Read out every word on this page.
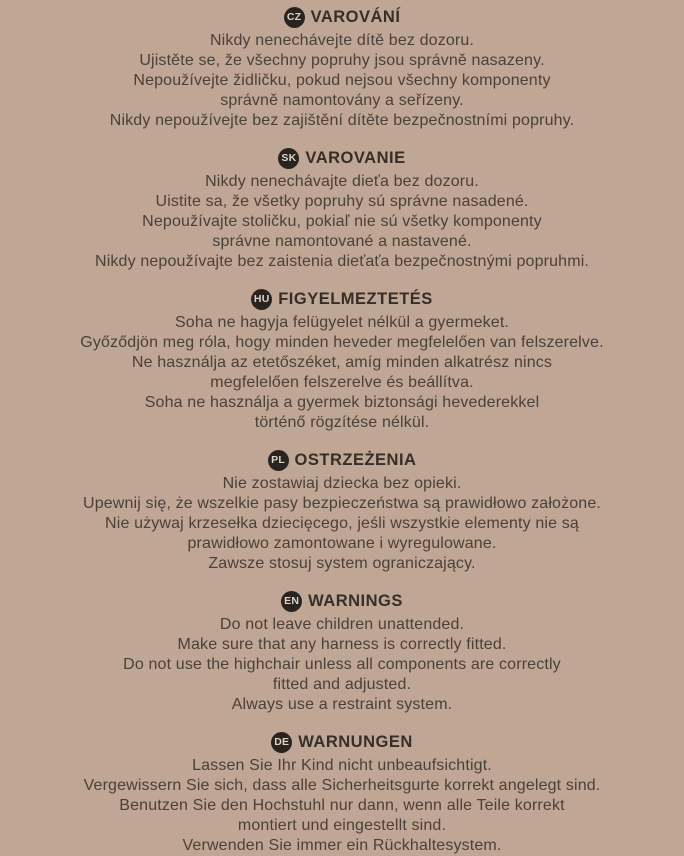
CZ VAROVÁNÍ
Nikdy nenechávejte dítě bez dozoru.
Ujistěte se, že všechny popruhy jsou správně nasazeny.
Nepoužívejte židličku, pokud nejsou všechny komponenty
správně namontovány a seřízeny.
Nikdy nepoužívejte bez zajištění dítěte bezpečnostními popruhy.
SK VAROVANIE
Nikdy nenechávajte dieťa bez dozoru.
Uistite sa, že všetky popruhy sú správne nasadené.
Nepoužívajte stoličku, pokiaľ nie sú všetky komponenty
správne namontované a nastavené.
Nikdy nepoužívajte bez zaistenia dieťaťa bezpečnostnými popruhmi.
HU FIGYELMEZTETÉS
Soha ne hagyja felügyelet nélkül a gyermeket.
Győződjön meg róla, hogy minden heveder megfelelően van felszerelve.
Ne használja az etetőszéket, amíg minden alkatrész nincs
megfelelően felszerelve és beállítva.
Soha ne használja a gyermek biztonsági hevederekkel
történő rögzítése nélkül.
PL OSTRZEŻENIA
Nie zostawiaj dziecka bez opieki.
Upewnij się, że wszelkie pasy bezpieczeństwa są prawidłowo założone.
Nie używaj krzesełka dziecięcego, jeśli wszystkie elementy nie są
prawidłowo zamontowane i wyregulowane.
Zawsze stosuj system ograniczający.
EN WARNINGS
Do not leave children unattended.
Make sure that any harness is correctly fitted.
Do not use the highchair unless all components are correctly
fitted and adjusted.
Always use a restraint system.
DE WARNUNGEN
Lassen Sie Ihr Kind nicht unbeaufsichtigt.
Vergewissern Sie sich, dass alle Sicherheitsgurte korrekt angelegt sind.
Benutzen Sie den Hochstuhl nur dann, wenn alle Teile korrekt
montiert und eingestellt sind.
Verwenden Sie immer ein Rückhaltesystem.
